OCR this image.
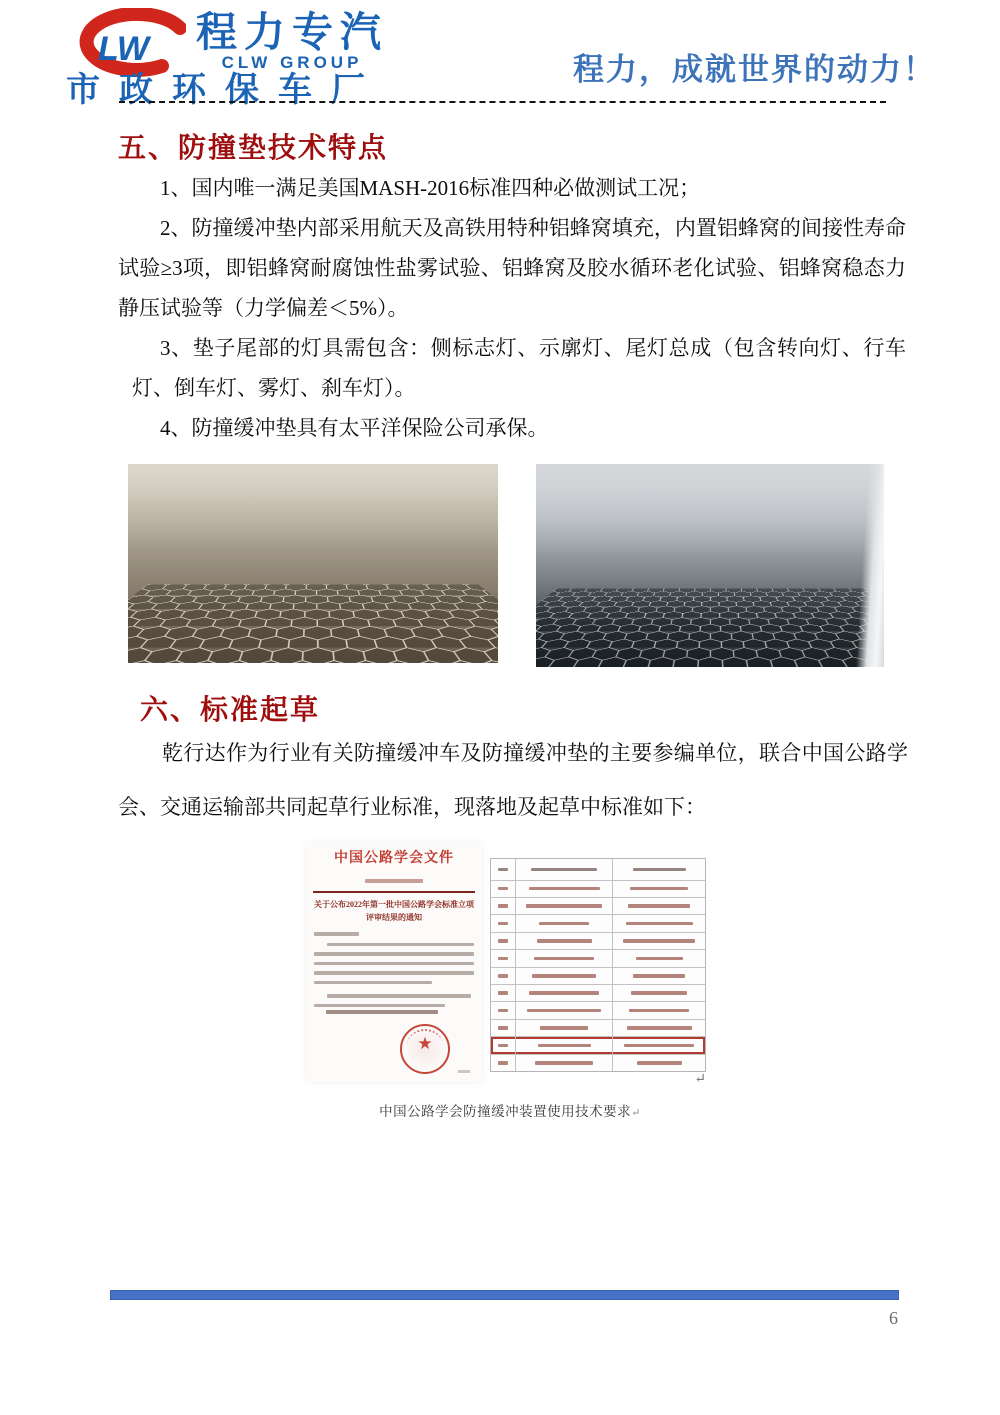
LW 程力专汽
CLW GROUP
市政环保车厂
程力，成就世界的动力！
五、防撞垫技术特点

1、国内唯一满足美国MASH-2016标准四种必做测试工况；

2、防撞缓冲垫内部采用航天及高铁用特种铝蜂窝填充，内置铝蜂窝的间接性寿命试验≥3项，即铝蜂窝耐腐蚀性盐雾试验、铝蜂窝及胶水循环老化试验、铝蜂窝稳态力静压试验等（力学偏差＜5%）。

3、垫子尾部的灯具需包含：侧标志灯、示廓灯、尾灯总成（包含转向灯、行车灯、倒车灯、雾灯、刹车灯）。

4、防撞缓冲垫具有太平洋保险公司承保。

六、标准起草
乾行达作为行业有关防撞缓冲车及防撞缓冲垫的主要参编单位，联合中国公路学会、交通运输部共同起草行业标准，现落地及起草中标准如下：
中国公路学会文件
关于公布2022年第一批中国公路学会标准立项
评审结果的通知
★
↵
中国公路学会防撞缓冲装置使用技术要求↵
6
